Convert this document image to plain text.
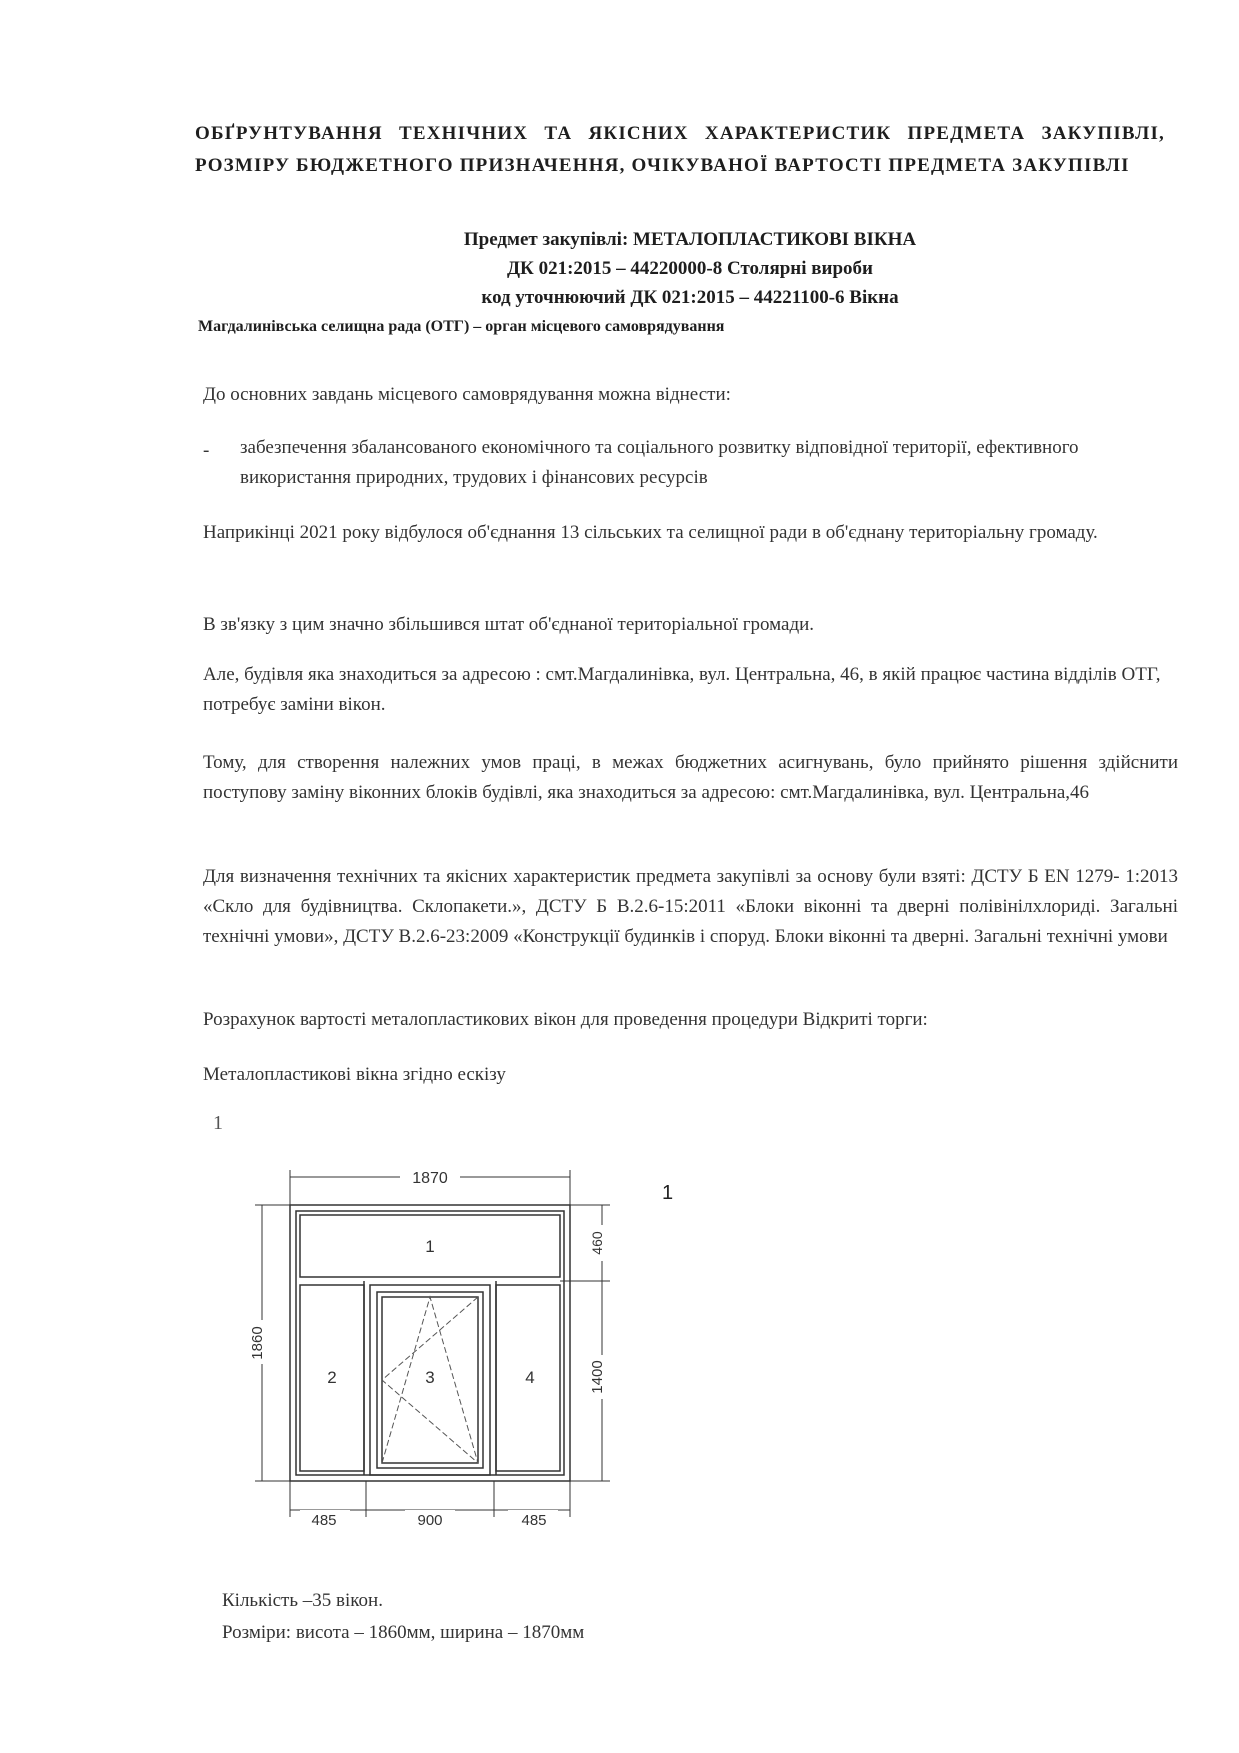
ОБҐРУНТУВАННЯ ТЕХНІЧНИХ ТА ЯКІСНИХ ХАРАКТЕРИСТИК ПРЕДМЕТА ЗАКУПІВЛІ, РОЗМІРУ БЮДЖЕТНОГО ПРИЗНАЧЕННЯ, ОЧІКУВАНОЇ ВАРТОСТІ ПРЕДМЕТА ЗАКУПІВЛІ
Предмет закупівлі: МЕТАЛОПЛАСТИКОВІ ВІКНА
ДК 021:2015 – 44220000-8 Столярні вироби
код уточнюючий ДК 021:2015 – 44221100-6 Вікна
Магдалинівська селищна рада (ОТГ) – орган місцевого самоврядування
До основних завдань місцевого самоврядування можна віднести:
- забезпечення збалансованого економічного та соціального розвитку відповідної території, ефективного використання природних, трудових і фінансових ресурсів
Наприкінці 2021 року відбулося об'єднання 13 сільських та селищної ради в об'єднану територіальну громаду.
В зв'язку з цим значно збільшився штат об'єднаної територіальної громади.
Але, будівля яка знаходиться за адресою : смт.Магдалинівка, вул. Центральна, 46, в якій працює частина відділів ОТГ, потребує заміни вікон.
Тому, для створення належних умов праці, в межах бюджетних асигнувань, було прийнято рішення здійснити поступову заміну віконних блоків будівлі, яка знаходиться за адресою: смт.Магдалинівка, вул. Центральна,46
Для визначення технічних та якісних характеристик предмета закупівлі за основу були взяті: ДСТУ Б EN 1279- 1:2013 «Скло для будівництва. Склопакети.», ДСТУ Б В.2.6-15:2011 «Блоки віконні та дверні полівінілхлориді. Загальні технічні умови», ДСТУ В.2.6-23:2009 «Конструкції будинків і споруд. Блоки віконні та дверні. Загальні технічні умови
Розрахунок вартості металопластикових вікон для проведення процедури Відкриті торги:
Металопластикові вікна згідно ескізу
1
1
1870
1
2	3	4
485	900	485
1860
460
1400
Кількість –35 вікон.
Розміри: висота – 1860мм, ширина – 1870мм
